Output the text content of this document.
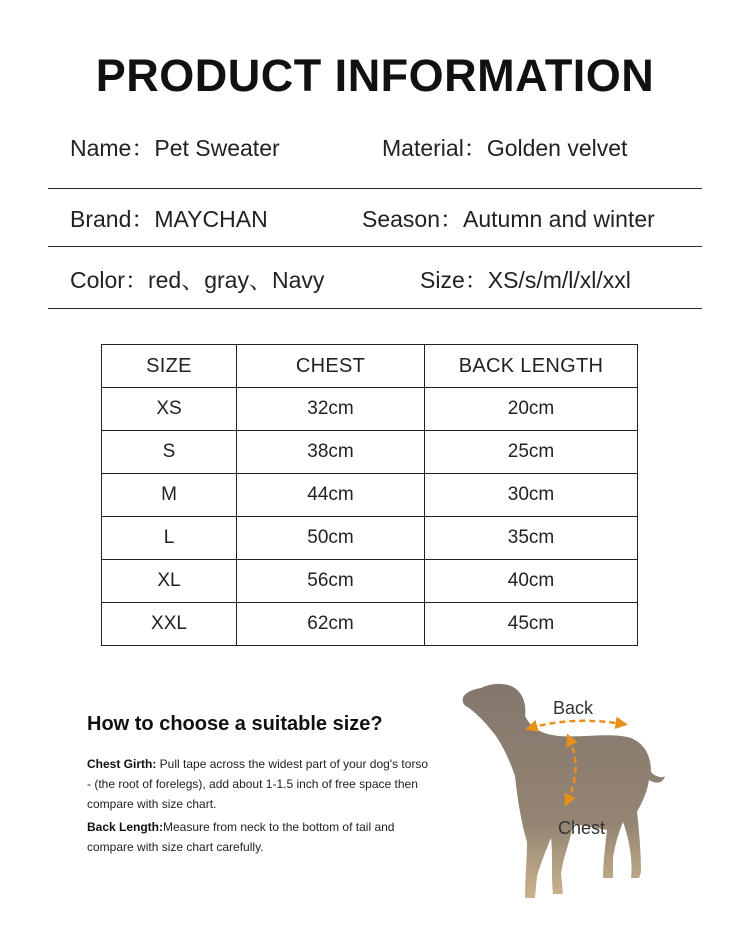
PRODUCT INFORMATION
Name：Pet Sweater	Material：Golden velvet
Brand：MAYCHAN	Season：Autumn and winter
Color：red、gray、Navy	Size：XS/s/m/l/xl/xxl
SIZE	CHEST	BACK LENGTH
XS	32cm	20cm
S	38cm	25cm
M	44cm	30cm
L	50cm	35cm
XL	56cm	40cm
XXL	62cm	45cm
How to choose a suitable size?
Chest Girth: Pull tape across the widest part of your dog's torso - (the root of forelegs), add about 1-1.5 inch of free space then compare with size chart.
Back Length:Measure from neck to the bottom of tail and compare with size chart carefully.
Back
Chest
